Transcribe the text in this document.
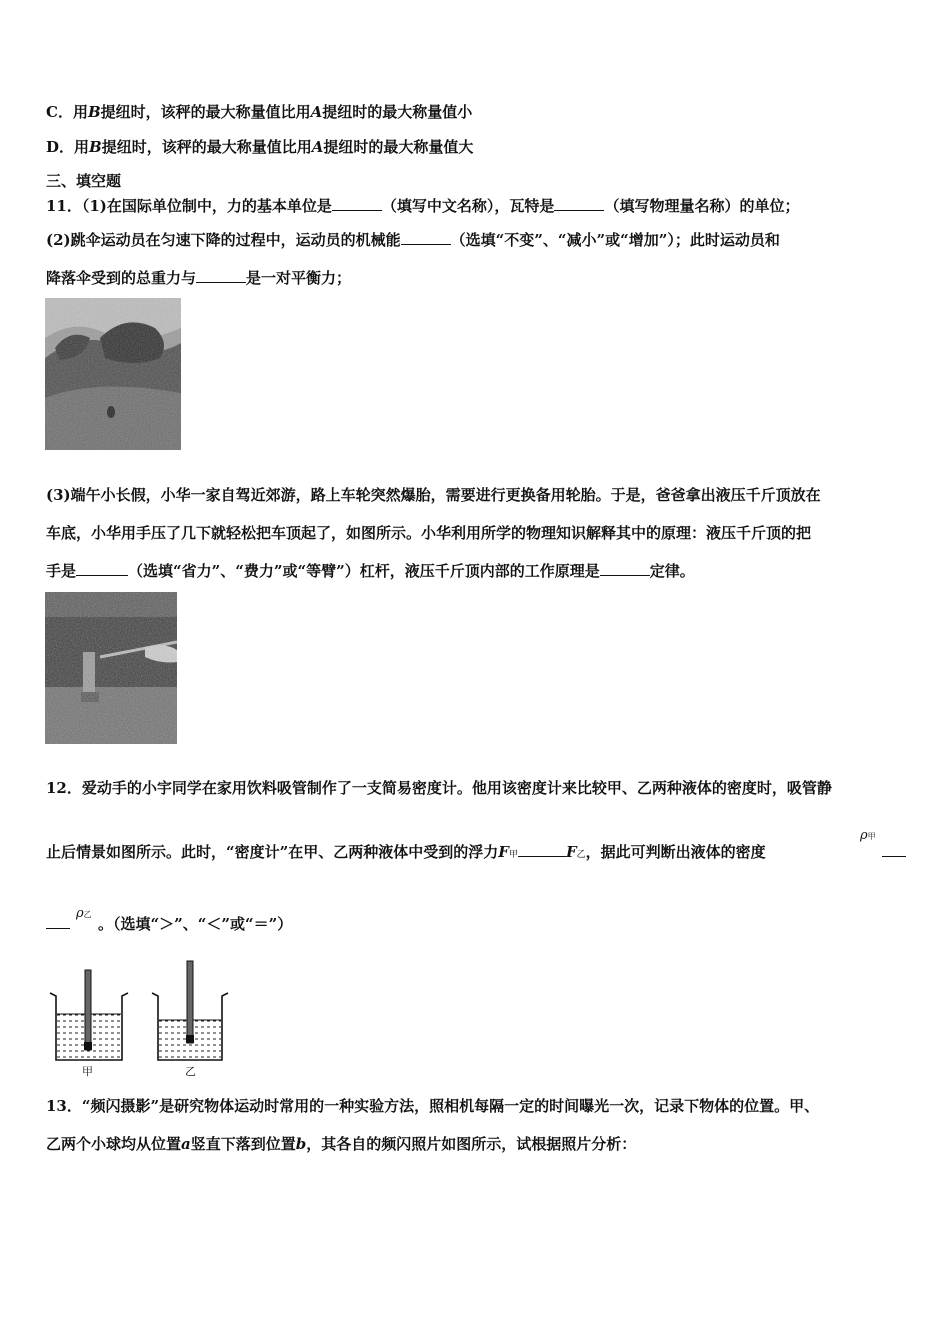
C．用B提纽时，该秤的最大称量值比用A提纽时的最大称量值小
D．用B提纽时，该秤的最大称量值比用A提纽时的最大称量值大
三、填空题
11．（1)在国际单位制中，力的基本单位是	（填写中文名称），瓦特是	（填写物理量名称）的单位；
(2)跳伞运动员在匀速下降的过程中，运动员的机械能	（选填“不变”、“减小”或“增加”）；此时运动员和
降落伞受到的总重力与	是一对平衡力；
(3)端午小长假，小华一家自驾近郊游，路上车轮突然爆胎，需要进行更换备用轮胎。于是，爸爸拿出液压千斤顶放在
车底，小华用手压了几下就轻松把车顶起了，如图所示。小华利用所学的物理知识解释其中的原理：液压千斤顶的把
手是	（选填“省力”、“费力”或“等臂”）杠杆，液压千斤顶内部的工作原理是	定律。
12．爱动手的小宇同学在家用饮料吸管制作了一支简易密度计。他用该密度计来比较甲、乙两种液体的密度时，吸管静
止后情景如图所示。此时，“密度计”在甲、乙两种液体中受到的浮力F甲	F乙，据此可判断出液体的密度
ρ甲
ρ乙
。（选填“＞”、“＜”或“＝”）
甲	乙
13．“频闪摄影”是研究物体运动时常用的一种实验方法，照相机每隔一定的时间曝光一次，记录下物体的位置。甲、
乙两个小球均从位置a竖直下落到位置b，其各自的频闪照片如图所示，试根据照片分析：
